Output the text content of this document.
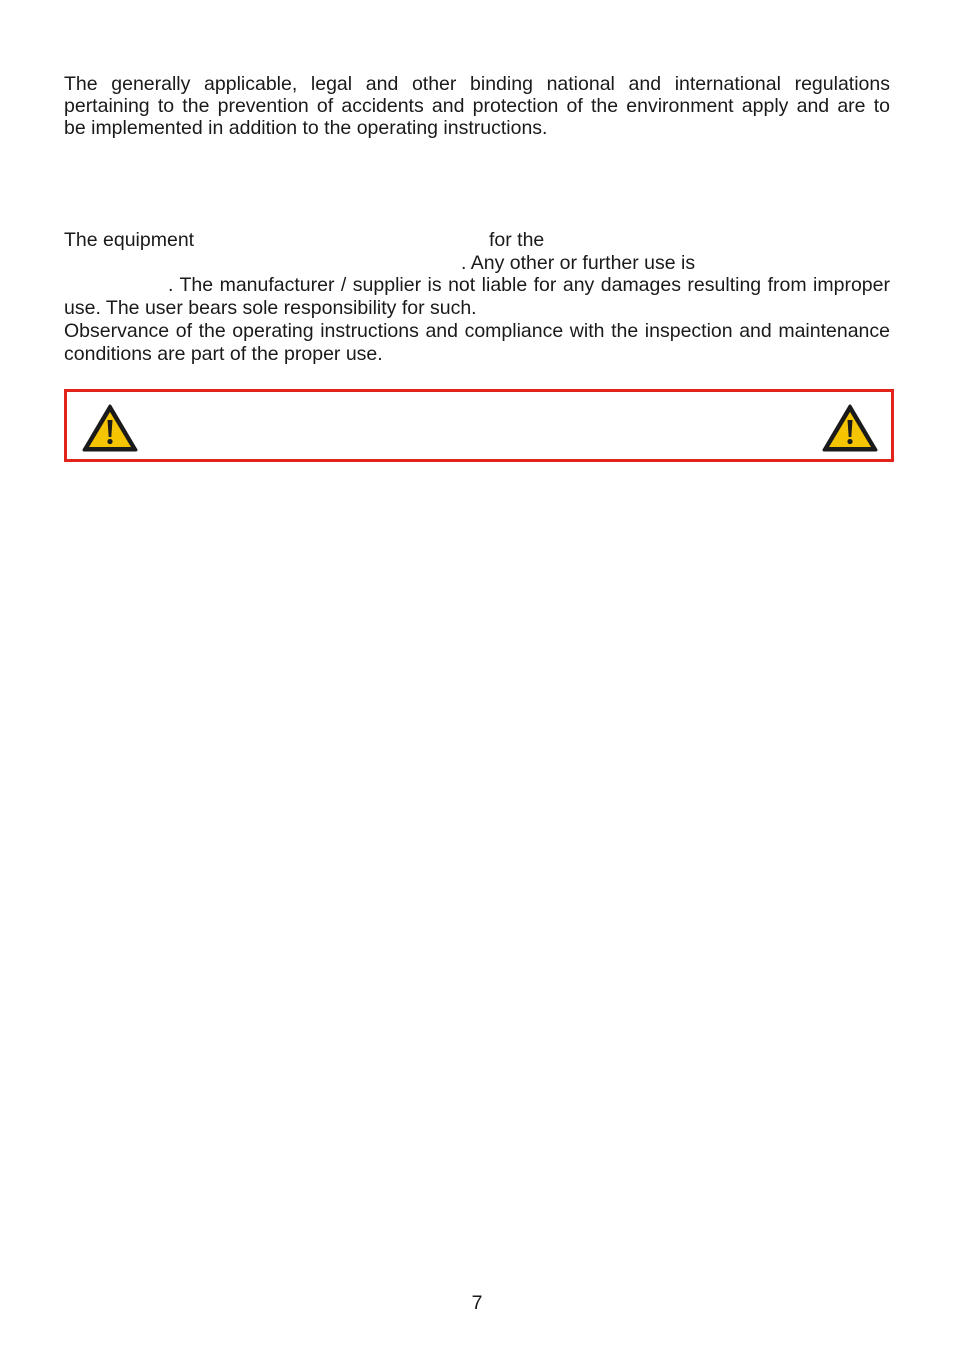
The generally applicable, legal and other binding national and international regulations
pertaining to the prevention of accidents and protection of the environment apply and are to
be implemented in addition to the operating instructions.
The equipment	for the
. Any other or further use is
. The manufacturer / supplier is not liable for any damages resulting from improper
use. The user bears sole responsibility for such.
Observance of the operating instructions and compliance with the inspection and maintenance
conditions are part of the proper use.
7
